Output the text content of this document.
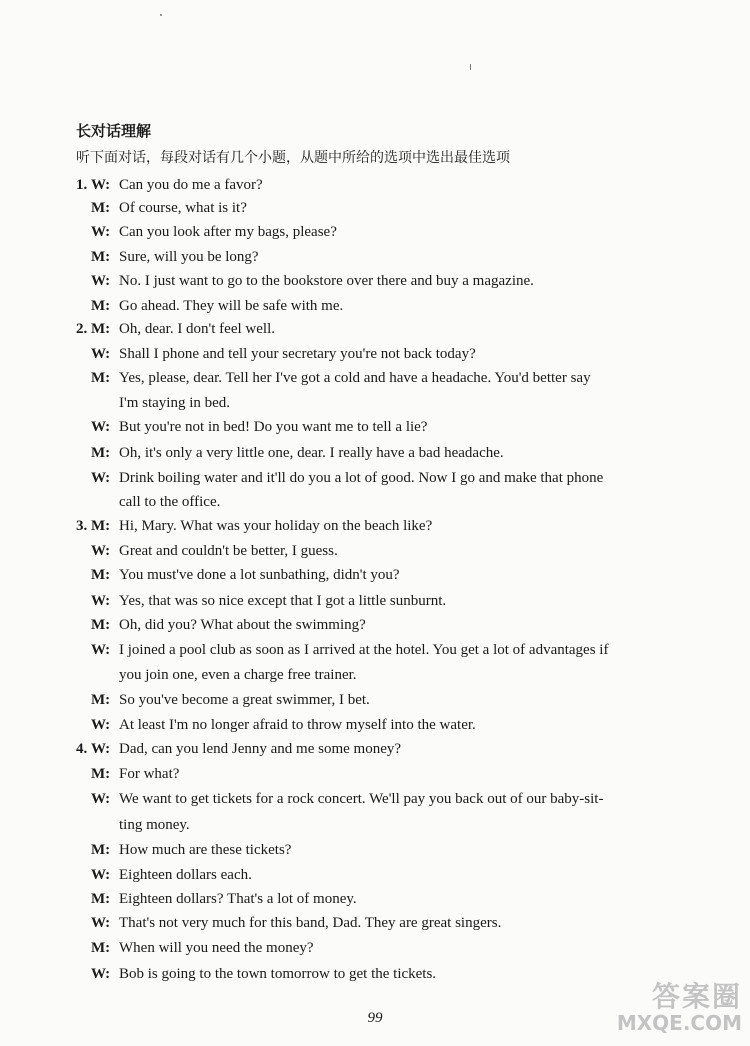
长对话理解
听下面对话，每段对话有几个小题，从题中所给的选项中选出最佳选项
1. W: Can you do me a favor?
M: Of course, what is it?
W: Can you look after my bags, please?
M: Sure, will you be long?
W: No. I just want to go to the bookstore over there and buy a magazine.
M: Go ahead. They will be safe with me.
2. M: Oh, dear. I don't feel well.
W: Shall I phone and tell your secretary you're not back today?
M: Yes, please, dear. Tell her I've got a cold and have a headache. You'd better say
I'm staying in bed.
W: But you're not in bed! Do you want me to tell a lie?
M: Oh, it's only a very little one, dear. I really have a bad headache.
W: Drink boiling water and it'll do you a lot of good. Now I go and make that phone
call to the office.
3. M: Hi, Mary. What was your holiday on the beach like?
W: Great and couldn't be better, I guess.
M: You must've done a lot sunbathing, didn't you?
W: Yes, that was so nice except that I got a little sunburnt.
M: Oh, did you? What about the swimming?
W: I joined a pool club as soon as I arrived at the hotel. You get a lot of advantages if
you join one, even a charge free trainer.
M: So you've become a great swimmer, I bet.
W: At least I'm no longer afraid to throw myself into the water.
4. W: Dad, can you lend Jenny and me some money?
M: For what?
W: We want to get tickets for a rock concert. We'll pay you back out of our baby-sit-
ting money.
M: How much are these tickets?
W: Eighteen dollars each.
M: Eighteen dollars? That's a lot of money.
W: That's not very much for this band, Dad. They are great singers.
M: When will you need the money?
W: Bob is going to the town tomorrow to get the tickets.
99
答案圈
MXQE.COM
